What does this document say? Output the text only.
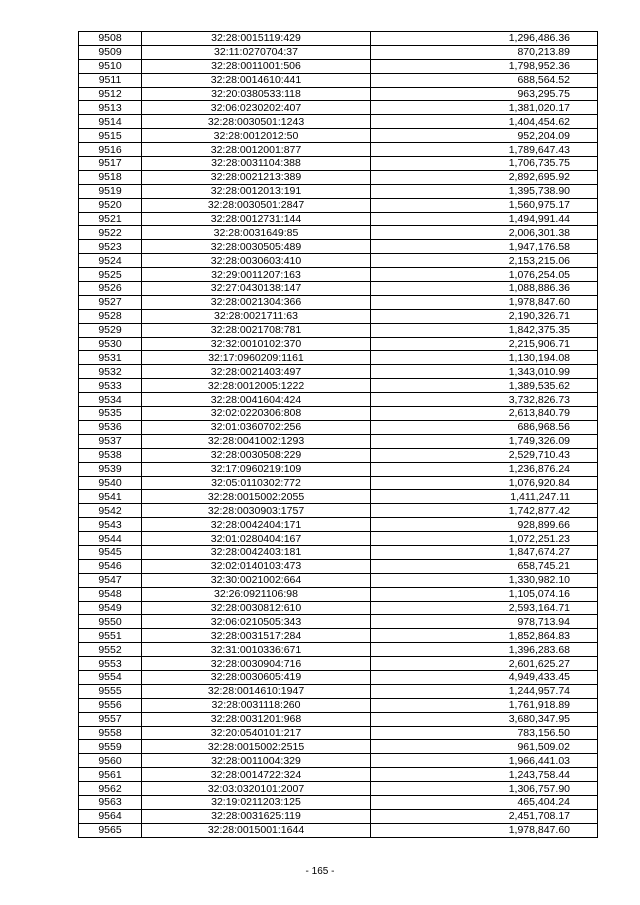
9508	32:28:0015119:429	1,296,486.36
9509	32:11:0270704:37	870,213.89
9510	32:28:0011001:506	1,798,952.36
9511	32:28:0014610:441	688,564.52
9512	32:20:0380533:118	963,295.75
9513	32:06:0230202:407	1,381,020.17
9514	32:28:0030501:1243	1,404,454.62
9515	32:28:0012012:50	952,204.09
9516	32:28:0012001:877	1,789,647.43
9517	32:28:0031104:388	1,706,735.75
9518	32:28:0021213:389	2,892,695.92
9519	32:28:0012013:191	1,395,738.90
9520	32:28:0030501:2847	1,560,975.17
9521	32:28:0012731:144	1,494,991.44
9522	32:28:0031649:85	2,006,301.38
9523	32:28:0030505:489	1,947,176.58
9524	32:28:0030603:410	2,153,215.06
9525	32:29:0011207:163	1,076,254.05
9526	32:27:0430138:147	1,088,886.36
9527	32:28:0021304:366	1,978,847.60
9528	32:28:0021711:63	2,190,326.71
9529	32:28:0021708:781	1,842,375.35
9530	32:32:0010102:370	2,215,906.71
9531	32:17:0960209:1161	1,130,194.08
9532	32:28:0021403:497	1,343,010.99
9533	32:28:0012005:1222	1,389,535.62
9534	32:28:0041604:424	3,732,826.73
9535	32:02:0220306:808	2,613,840.79
9536	32:01:0360702:256	686,968.56
9537	32:28:0041002:1293	1,749,326.09
9538	32:28:0030508:229	2,529,710.43
9539	32:17:0960219:109	1,236,876.24
9540	32:05:0110302:772	1,076,920.84
9541	32:28:0015002:2055	1,411,247.11
9542	32:28:0030903:1757	1,742,877.42
9543	32:28:0042404:171	928,899.66
9544	32:01:0280404:167	1,072,251.23
9545	32:28:0042403:181	1,847,674.27
9546	32:02:0140103:473	658,745.21
9547	32:30:0021002:664	1,330,982.10
9548	32:26:0921106:98	1,105,074.16
9549	32:28:0030812:610	2,593,164.71
9550	32:06:0210505:343	978,713.94
9551	32:28:0031517:284	1,852,864.83
9552	32:31:0010336:671	1,396,283.68
9553	32:28:0030904:716	2,601,625.27
9554	32:28:0030605:419	4,949,433.45
9555	32:28:0014610:1947	1,244,957.74
9556	32:28:0031118:260	1,761,918.89
9557	32:28:0031201:968	3,680,347.95
9558	32:20:0540101:217	783,156.50
9559	32:28:0015002:2515	961,509.02
9560	32:28:0011004:329	1,966,441.03
9561	32:28:0014722:324	1,243,758.44
9562	32:03:0320101:2007	1,306,757.90
9563	32:19:0211203:125	465,404.24
9564	32:28:0031625:119	2,451,708.17
9565	32:28:0015001:1644	1,978,847.60
- 165 -
